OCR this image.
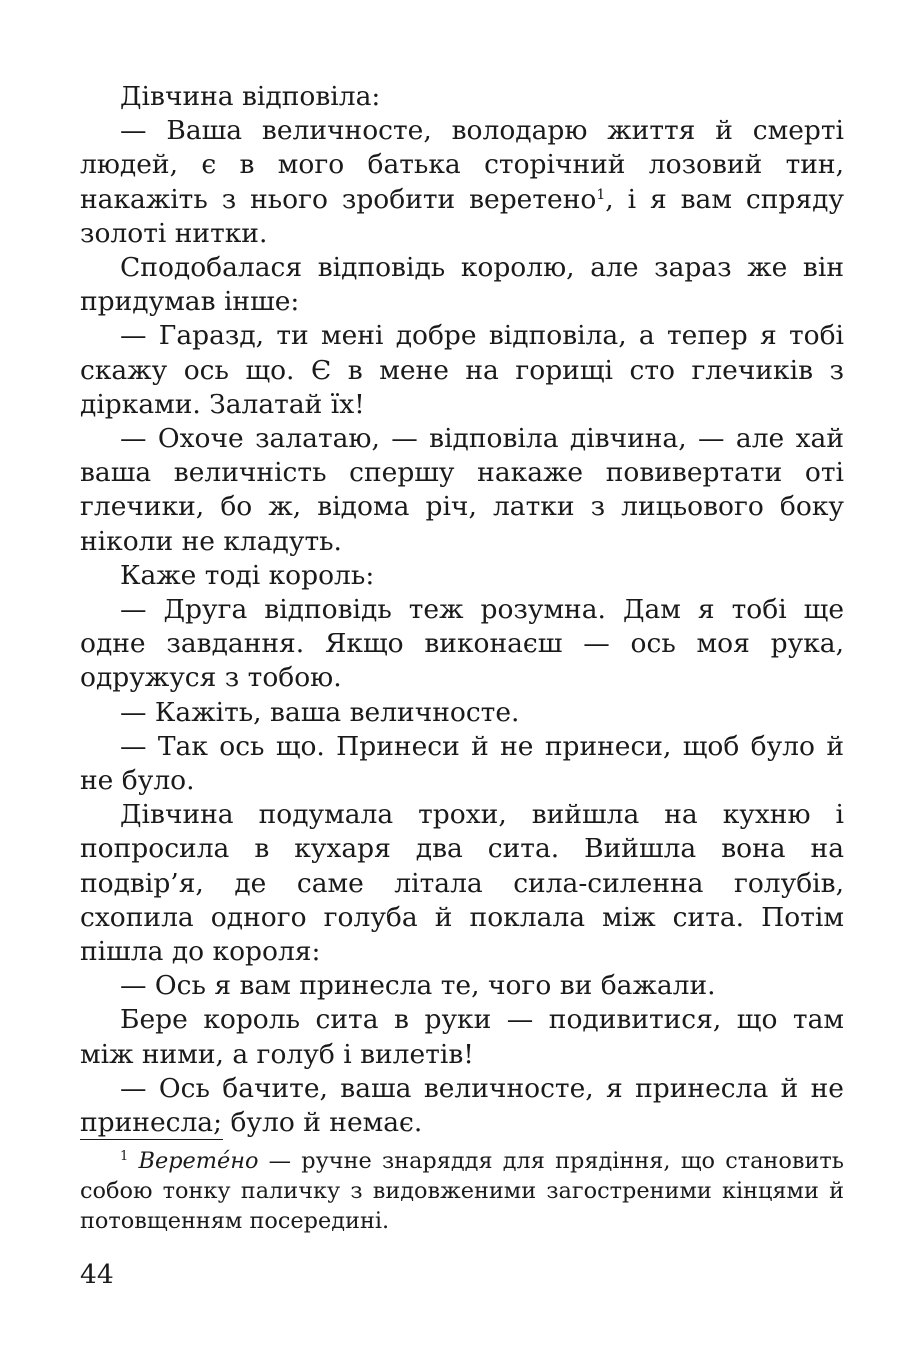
Дівчина відповіла:

— Ваша величносте, володарю життя й смерті людей, є в мого батька сторічний лозовий тин, накажіть з нього зробити веретено$^1$, і я вам спряду золоті нитки.

Сподобалася відповідь королю, але зараз же він придумав інше:

— Гаразд, ти мені добре відповіла, а тепер я тобі скажу ось що. Є в мене на горищі сто глечиків з дірками. Залатай їх!

— Охоче залатаю, — відповіла дівчина, — але хай ваша величність спершу накаже повивертати оті глечики, бо ж, відома річ, латки з лицьового боку ніколи не кладуть.

Каже тоді король:

— Друга відповідь теж розумна. Дам я тобі ще одне завдання. Якщо виконаєш — ось моя рука, одружуся з тобою.

— Кажіть, ваша величносте.

— Так ось що. Принеси й не принеси, щоб було й не було.

Дівчина подумала трохи, вийшла на кухню і попросила в кухаря два сита. Вийшла вона на подвір’я, де саме літала сила-силенна голубів, схопила одного голуба й поклала між сита. Потім пішла до короля:

— Ось я вам принесла те, чого ви бажали.

Бере король сита в руки — подивитися, що там між ними, а голуб і вилетів!

— Ось бачите, ваша величносте, я принесла й не принесла; було й немає.

$^1$ Верете́но — ручне знаряддя для прядіння, що становить собою тонку паличку з видовженими загостреними кінцями й потовщенням посередині.

44
